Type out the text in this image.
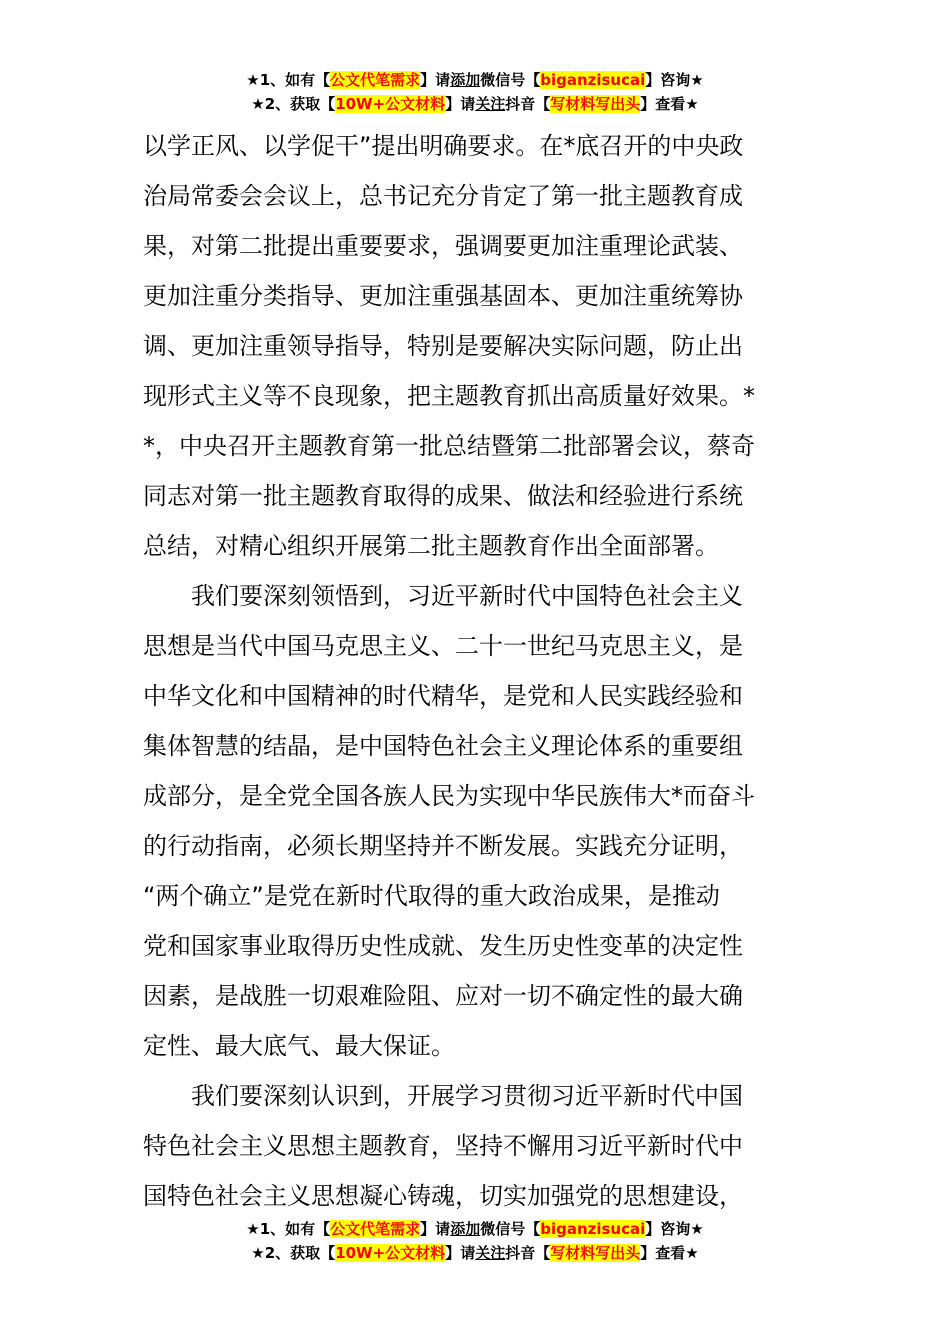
★1、如有【公文代笔需求】请添加微信号【biganzisucai】咨询★
★2、获取【10W+公文材料】请关注抖音【写材料写出头】查看★

以学正风、以学促干”提出明确要求。在*底召开的中央政
治局常委会会议上，总书记充分肯定了第一批主题教育成
果，对第二批提出重要要求，强调要更加注重理论武装、
更加注重分类指导、更加注重强基固本、更加注重统筹协
调、更加注重领导指导，特别是要解决实际问题，防止出
现形式主义等不良现象，把主题教育抓出高质量好效果。*
*，中央召开主题教育第一批总结暨第二批部署会议，蔡奇
同志对第一批主题教育取得的成果、做法和经验进行系统
总结，对精心组织开展第二批主题教育作出全面部署。

我们要深刻领悟到，习近平新时代中国特色社会主义
思想是当代中国马克思主义、二十一世纪马克思主义，是
中华文化和中国精神的时代精华，是党和人民实践经验和
集体智慧的结晶，是中国特色社会主义理论体系的重要组
成部分，是全党全国各族人民为实现中华民族伟大*而奋斗
的行动指南，必须长期坚持并不断发展。实践充分证明，
“两个确立”是党在新时代取得的重大政治成果，是推动
党和国家事业取得历史性成就、发生历史性变革的决定性
因素，是战胜一切艰难险阻、应对一切不确定性的最大确
定性、最大底气、最大保证。

我们要深刻认识到，开展学习贯彻习近平新时代中国
特色社会主义思想主题教育，坚持不懈用习近平新时代中
国特色社会主义思想凝心铸魂，切实加强党的思想建设，

★1、如有【公文代笔需求】请添加微信号【biganzisucai】咨询★
★2、获取【10W+公文材料】请关注抖音【写材料写出头】查看★
